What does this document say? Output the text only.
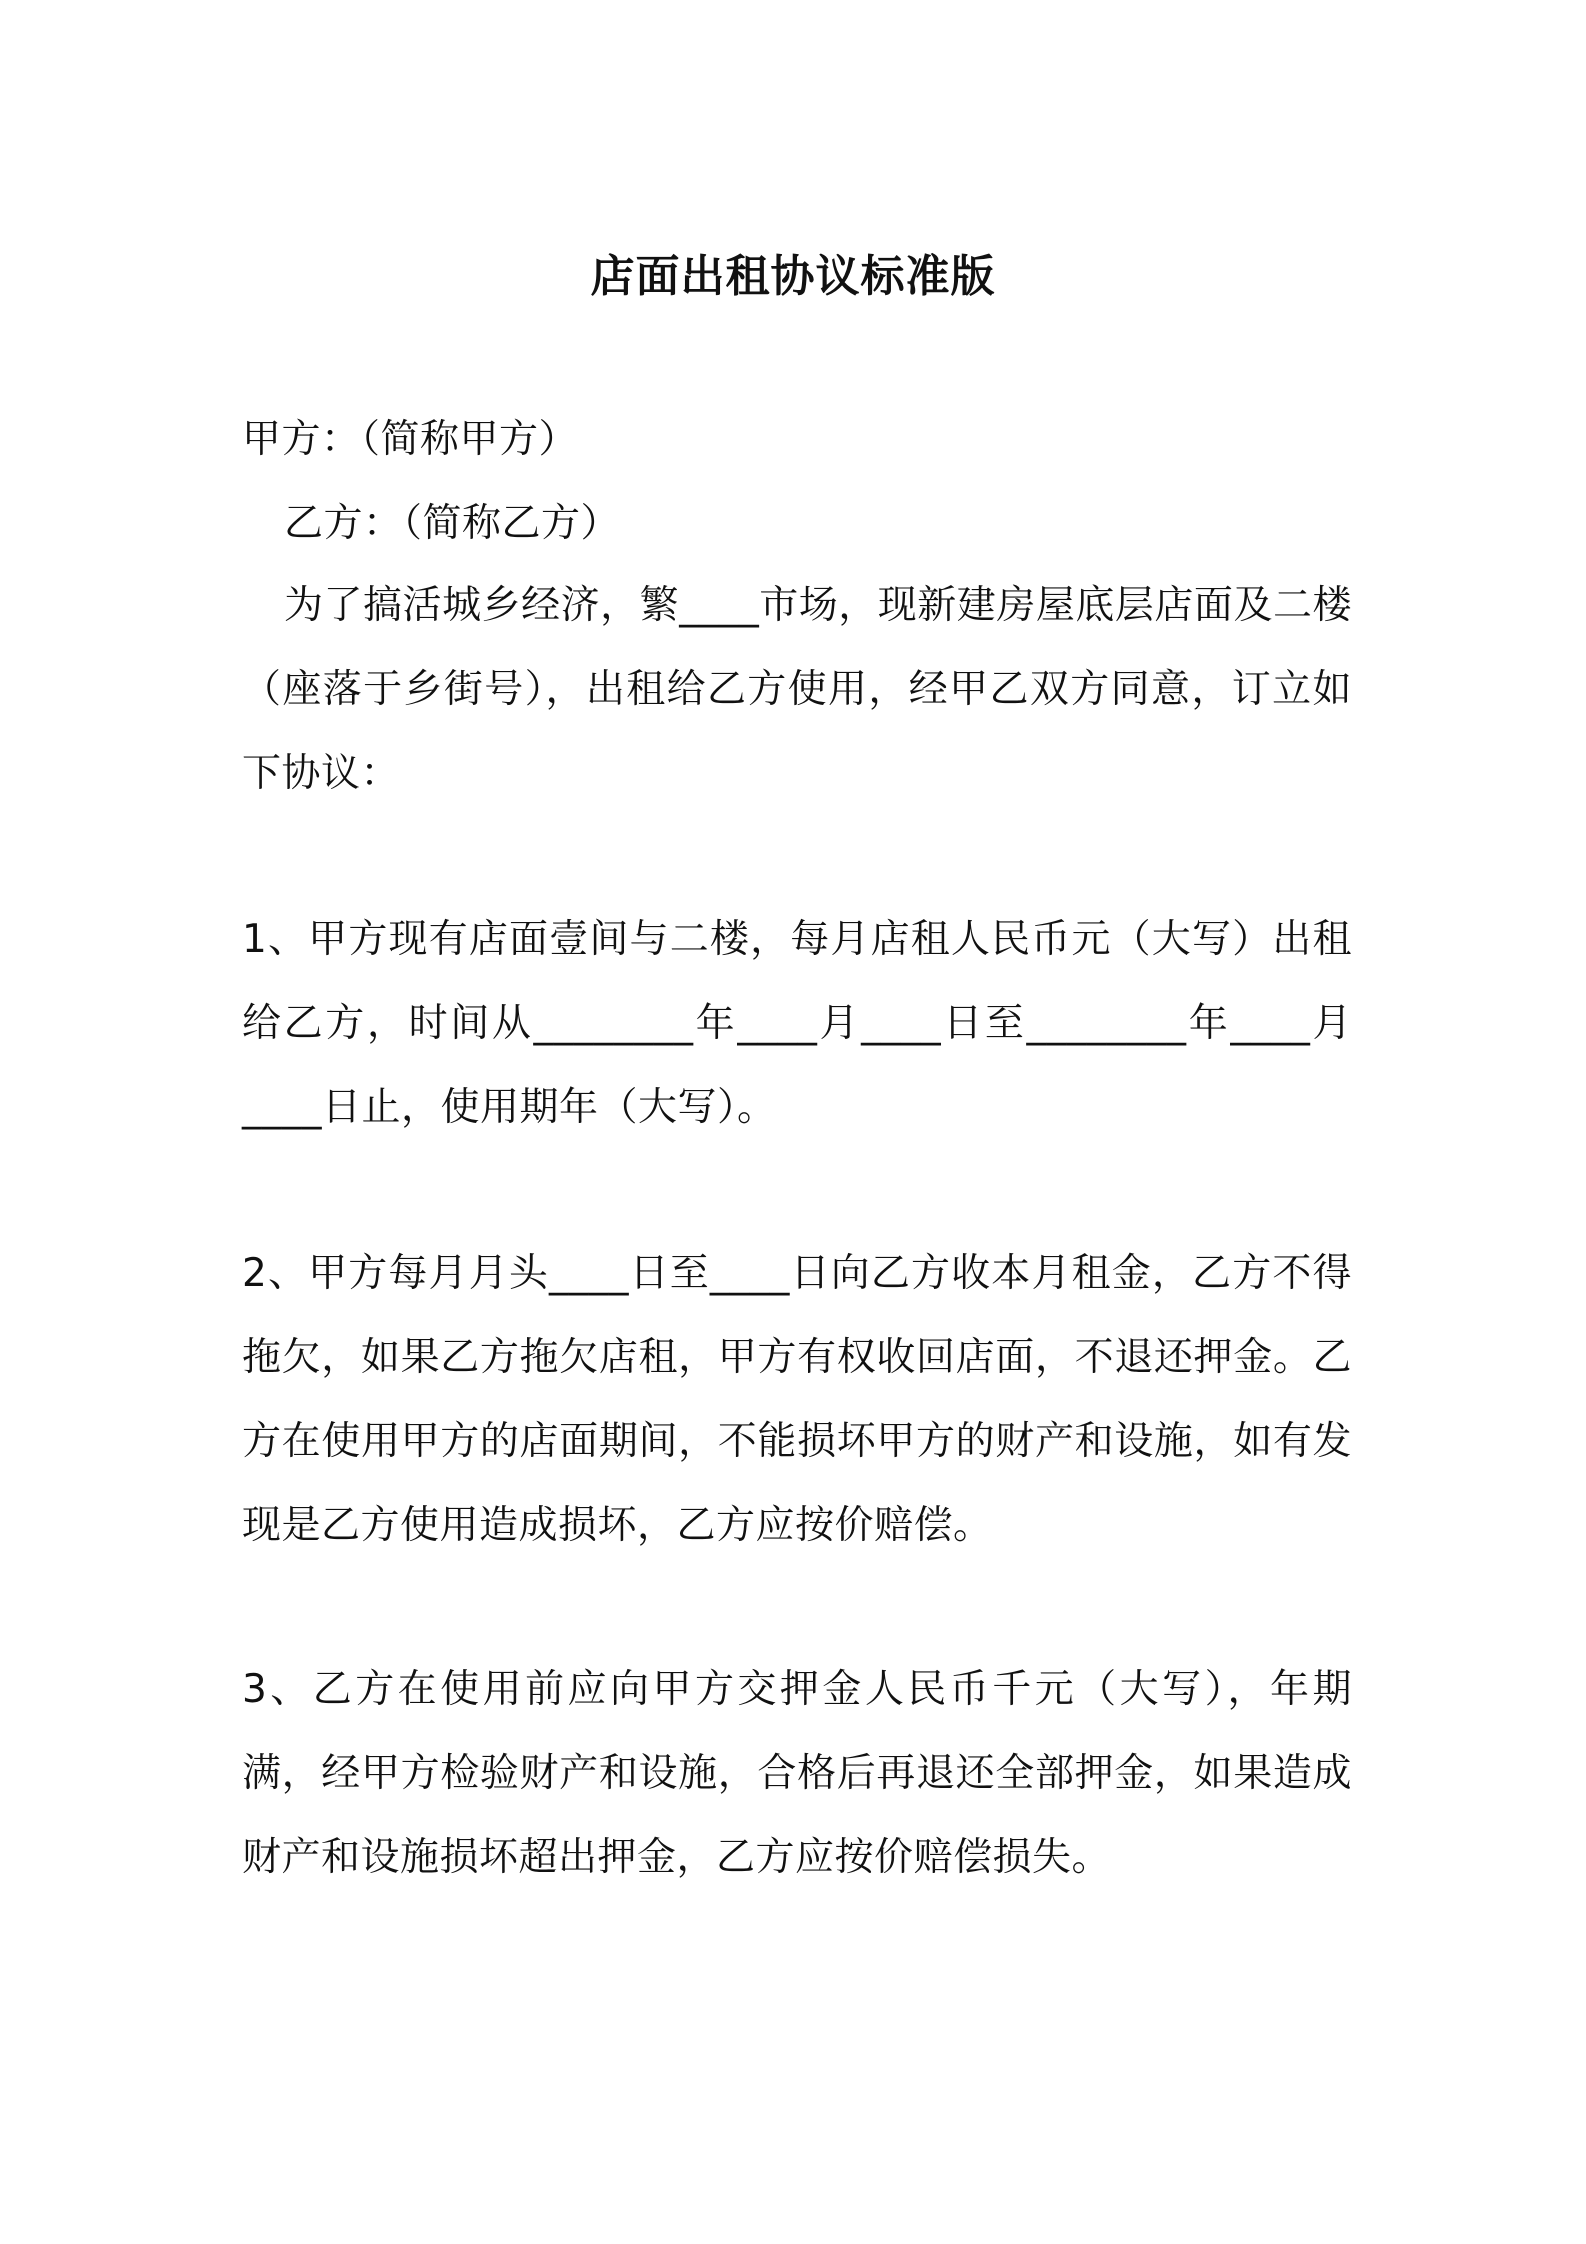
店面出租协议标准版

甲方：（简称甲方）

乙方：（简称乙方）

为了搞活城乡经济，繁____市场，现新建房屋底层店面及二楼（座落于乡街号），出租给乙方使用，经甲乙双方同意，订立如下协议：

1、甲方现有店面壹间与二楼，每月店租人民币元（大写）出租给乙方，时间从________年____月____日至________年____月____日止，使用期年（大写）。

2、甲方每月月头____日至____日向乙方收本月租金，乙方不得拖欠，如果乙方拖欠店租，甲方有权收回店面，不退还押金。乙方在使用甲方的店面期间，不能损坏甲方的财产和设施，如有发现是乙方使用造成损坏，乙方应按价赔偿。

3、乙方在使用前应向甲方交押金人民币千元（大写），年期满，经甲方检验财产和设施，合格后再退还全部押金，如果造成财产和设施损坏超出押金，乙方应按价赔偿损失。
